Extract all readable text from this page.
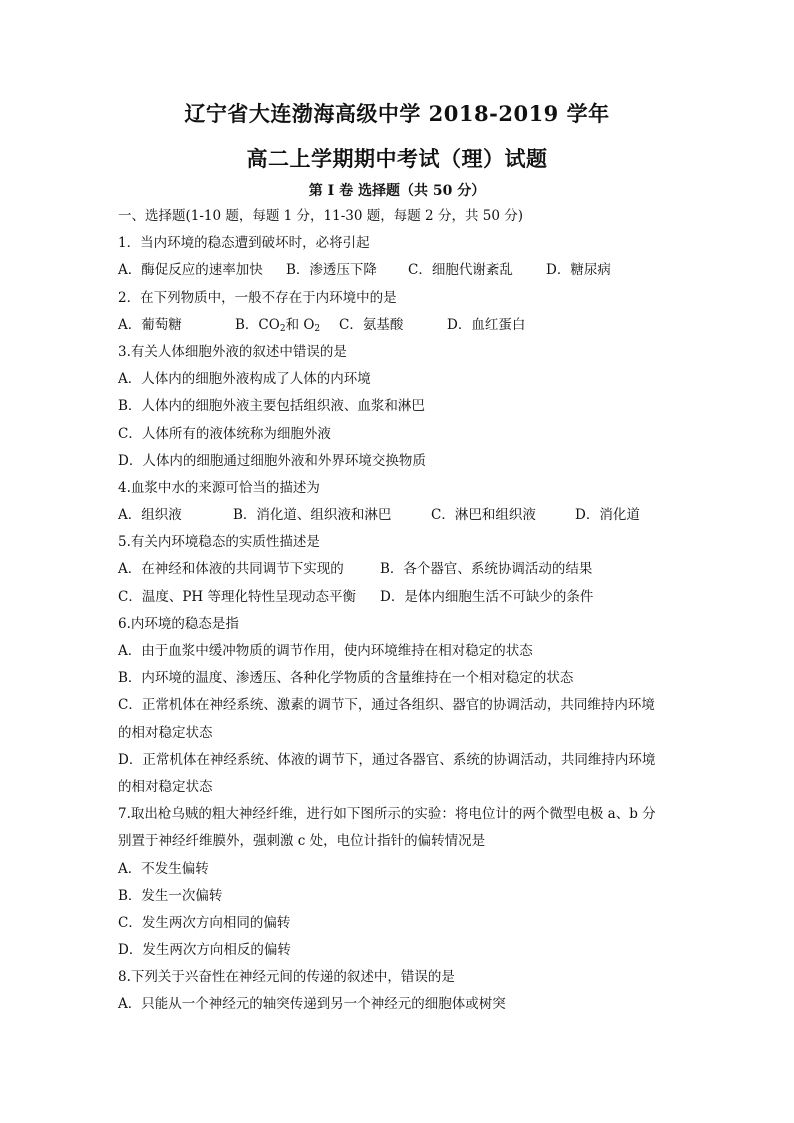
辽宁省大连渤海高级中学 2018-2019 学年
高二上学期期中考试（理）试题
第 I 卷 选择题（共 50 分）
一、选择题(1-10 题，每题 1 分，11-30 题，每题 2 分，共 50 分)
1．当内环境的稳态遭到破坏时，必将引起
A．酶促反应的速率加快	B．渗透压下降	C．细胞代谢紊乱	D．糖尿病
2．在下列物质中，一般不存在于内环境中的是
A．葡萄糖	B．$CO_2$和 $O_2$	C．氨基酸	D．血红蛋白
3.有关人体细胞外液的叙述中错误的是
A．人体内的细胞外液构成了人体的内环境
B．人体内的细胞外液主要包括组织液、血浆和淋巴
C．人体所有的液体统称为细胞外液
D．人体内的细胞通过细胞外液和外界环境交换物质
4.血浆中水的来源可恰当的描述为
A．组织液	B．消化道、组织液和淋巴	C．淋巴和组织液	D．消化道
5.有关内环境稳态的实质性描述是
A．在神经和体液的共同调节下实现的	B．各个器官、系统协调活动的结果
C．温度、PH 等理化特性呈现动态平衡	D．是体内细胞生活不可缺少的条件
6.内环境的稳态是指
A．由于血浆中缓冲物质的调节作用，使内环境维持在相对稳定的状态
B．内环境的温度、渗透压、各种化学物质的含量维持在一个相对稳定的状态
C．正常机体在神经系统、激素的调节下，通过各组织、器官的协调活动，共同维持内环境
的相对稳定状态
D．正常机体在神经系统、体液的调节下，通过各器官、系统的协调活动，共同维持内环境
的相对稳定状态
7.取出枪乌贼的粗大神经纤维，进行如下图所示的实验：将电位计的两个微型电极 a、b 分
别置于神经纤维膜外，强刺激 c 处，电位计指针的偏转情况是
A．不发生偏转
B．发生一次偏转
C．发生两次方向相同的偏转
D．发生两次方向相反的偏转
8.下列关于兴奋性在神经元间的传递的叙述中，错误的是
A．只能从一个神经元的轴突传递到另一个神经元的细胞体或树突
